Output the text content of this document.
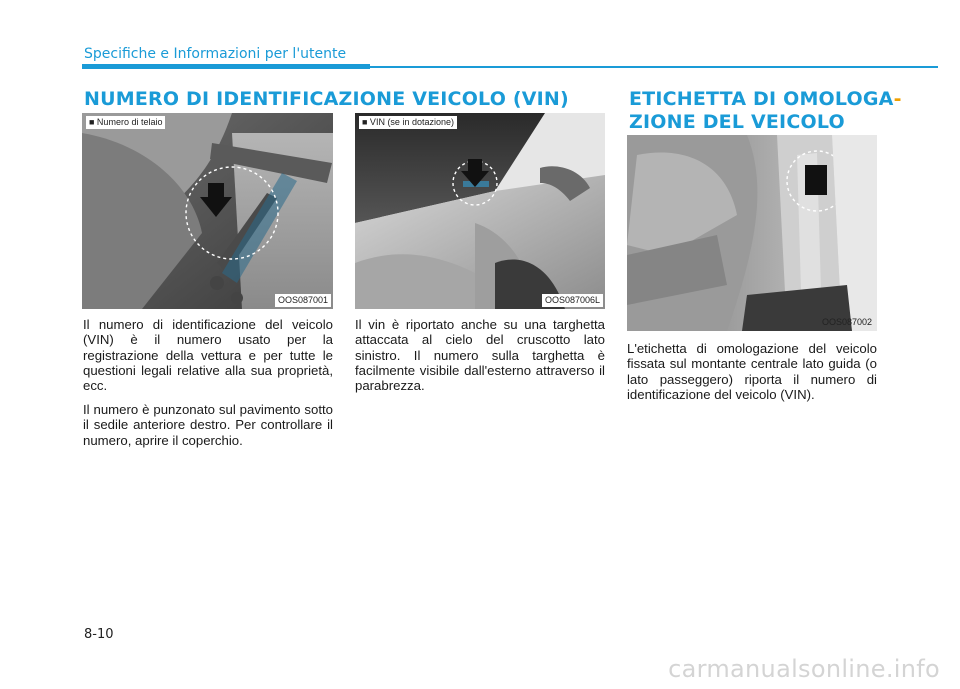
Specifiche e Informazioni per l'utente
NUMERO DI IDENTIFICAZIONE VEICOLO (VIN)
■ Numero di telaio
OOS087001
■ VIN (se in dotazione)
OOS087006L

Il numero di identificazione del veicolo (VIN) è il numero usato per la registrazione della vettura e per tutte le questioni legali relative alla sua proprietà, ecc.

Il numero è punzonato sul pavimento sotto il sedile anteriore destro. Per controllare il numero, aprire il coperchio.

Il vin è riportato anche su una targhetta attaccata al cielo del cruscotto lato sinistro. Il numero sulla targhetta è facilmente visibile dall'esterno attraverso il parabrezza.

ETICHETTA DI OMOLOGA-
ZIONE DEL VEICOLO
OOS087002

L'etichetta di omologazione del veicolo fissata sul montante centrale lato guida (o lato passeggero) riporta il numero di identificazione del veicolo (VIN).

8-10
carmanualsonline.info
